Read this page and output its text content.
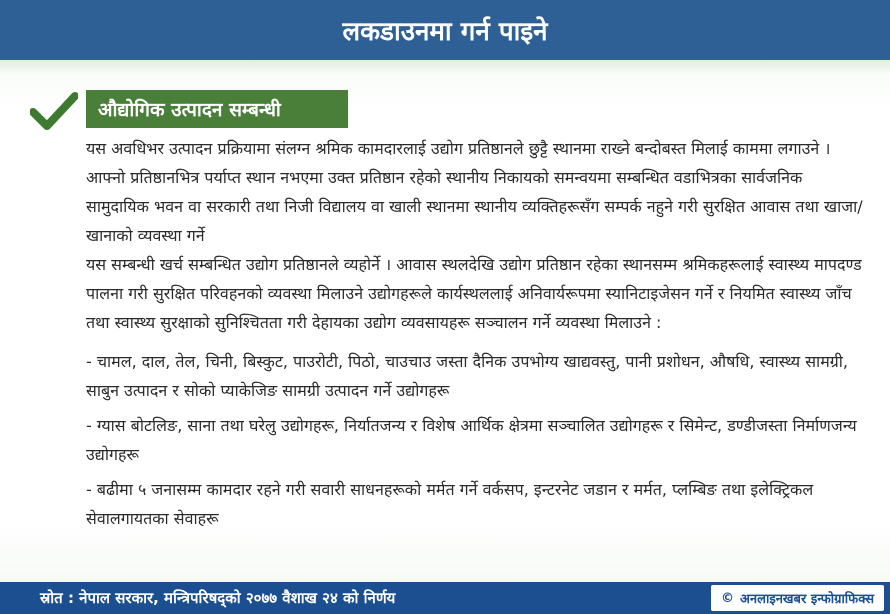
लकडाउनमा गर्न पाइने
औद्योगिक उत्पादन सम्बन्धी

यस अवधिभर उत्पादन प्रक्रियामा संलग्न श्रमिक कामदारलाई उद्योग प्रतिष्ठानले छुट्टै स्थानमा राख्ने बन्दोबस्त मिलाई काममा लगाउने । आफ्नो प्रतिष्ठानभित्र पर्याप्त स्थान नभएमा उक्त प्रतिष्ठान रहेको स्थानीय निकायको समन्वयमा सम्बन्धित वडाभित्रका सार्वजनिक सामुदायिक भवन वा सरकारी तथा निजी विद्यालय वा खाली स्थानमा स्थानीय व्यक्तिहरूसँग सम्पर्क नहुने गरी सुरक्षित आवास तथा खाजा/खानाको व्यवस्था गर्ने

यस सम्बन्धी खर्च सम्बन्धित उद्योग प्रतिष्ठानले व्यहोर्ने । आवास स्थलदेखि उद्योग प्रतिष्ठान रहेका स्थानसम्म श्रमिकहरूलाई स्वास्थ्य मापदण्ड पालना गरी सुरक्षित परिवहनको व्यवस्था मिलाउने उद्योगहरूले कार्यस्थललाई अनिवार्यरूपमा स्यानिटाइजेसन गर्ने र नियमित स्वास्थ्य जाँच तथा स्वास्थ्य सुरक्षाको सुनिश्चितता गरी देहायका उद्योग व्यवसायहरू सञ्चालन गर्ने व्यवस्था मिलाउने :

- चामल, दाल, तेल, चिनी, बिस्कुट, पाउरोटी, पिठो, चाउचाउ जस्ता दैनिक उपभोग्य खाद्यवस्तु, पानी प्रशोधन, औषधि, स्वास्थ्य सामग्री, साबुन उत्पादन र सोको प्याकेजिङ सामग्री उत्पादन गर्ने उद्योगहरू
- ग्यास बोटलिङ, साना तथा घरेलु उद्योगहरू, निर्यातजन्य र विशेष आर्थिक क्षेत्रमा सञ्चालित उद्योगहरू र सिमेन्ट, डण्डीजस्ता निर्माणजन्य उद्योगहरू
- बढीमा ५ जनासम्म कामदार रहने गरी सवारी साधनहरूको मर्मत गर्ने वर्कसप, इन्टरनेट जडान र मर्मत, प्लम्बिङ तथा इलेक्ट्रिकल सेवालगायतका सेवाहरू
स्रोत : नेपाल सरकार, मन्त्रिपरिषद्को २०७७ वैशाख २४ को निर्णय	© अनलाइनखबर इन्फोग्राफिक्स
